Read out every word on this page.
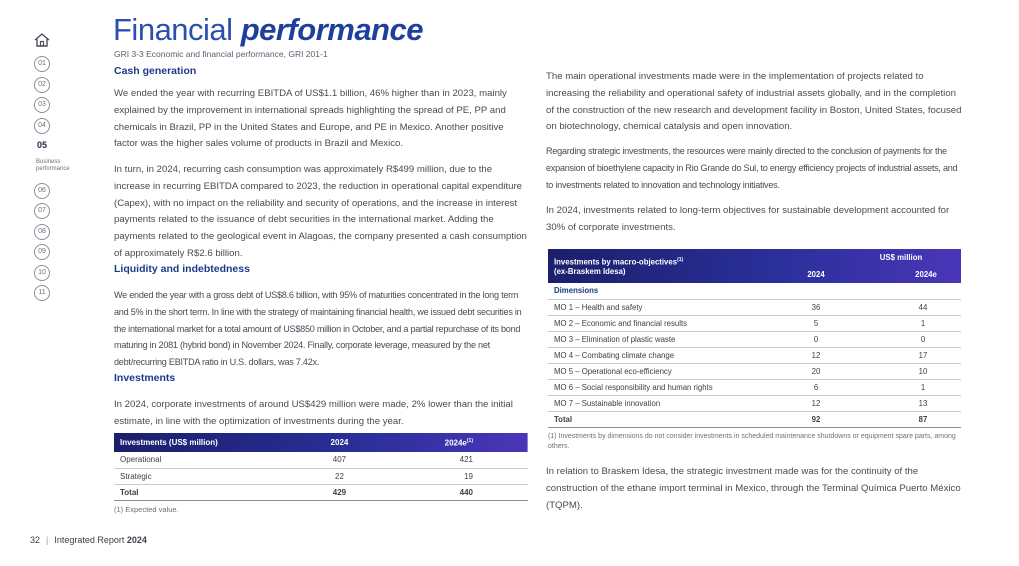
01
02
03
04
05
06
07
08
09
10
11
Business
performance
Financial performance
GRI 3-3 Economic and financial performance, GRI 201-1
Cash generation

We ended the year with recurring EBITDA of US$1.1 billion, 46% higher than in 2023, mainly explained by the improvement in international spreads highlighting the spread of PE, PP and chemicals in Brazil, PP in the United States and Europe, and PE in Mexico. Another positive factor was the higher sales volume of products in Brazil and Mexico.

In turn, in 2024, recurring cash consumption was approximately R$499 million, due to the increase in recurring EBITDA compared to 2023, the reduction in operational capital expenditure (Capex), with no impact on the reliability and security of operations, and the increase in interest payments related to the issuance of debt securities in the international market. Adding the payments related to the geological event in Alagoas, the company presented a cash consumption of approximately R$2.6 billion.

Liquidity and indebtedness

We ended the year with a gross debt of US$8.6 billion, with 95% of maturities concentrated in the long term and 5% in the short term. In line with the strategy of maintaining financial health, we issued debt securities in the international market for a total amount of US$850 million in October, and a partial repurchase of its bond maturing in 2081 (hybrid bond) in November 2024. Finally, corporate leverage, measured by the net debt/recurring EBITDA ratio in U.S. dollars, was 7.42x.

Investments

In 2024, corporate investments of around US$429 million were made, 2% lower than the initial estimate, in line with the optimization of investments during the year.

Investments (US$ million)	2024	$2024e^{(1)}$
Operational	407	421
Strategic	22	19
Total	429	440
(1) Expected value.

The main operational investments made were in the implementation of projects related to increasing the reliability and operational safety of industrial assets globally, and in the completion of the construction of the new research and development facility in Boston, United States, focused on biotechnology, chemical catalysis and open innovation.

Regarding strategic investments, the resources were mainly directed to the conclusion of payments for the expansion of bioethylene capacity in Rio Grande do Sul, to energy efficiency projects of industrial assets, and to investments related to innovation and technology initiatives.

In 2024, investments related to long-term objectives for sustainable development accounted for 30% of corporate investments.

Investments by macro-objectives$^{(1)}$
(ex-Braskem Idesa)	US$ million	
	2024	2024e
Dimensions		
MO 1 – Health and safety	36	44
MO 2 – Economic and financial results	5	1
MO 3 – Elimination of plastic waste	0	0
MO 4 – Combating climate change	12	17
MO 5 – Operational eco-efficiency	20	10
MO 6 – Social responsibility and human rights	6	1
MO 7 – Sustainable innovation	12	13
Total	92	87
(1) Investments by dimensions do not consider investments in scheduled maintenance shutdowns or equipment spare parts, among others.

In relation to Braskem Idesa, the strategic investment made was for the continuity of the construction of the ethane import terminal in Mexico, through the Terminal Química Puerto México (TQPM).

32 | Integrated Report 2024
